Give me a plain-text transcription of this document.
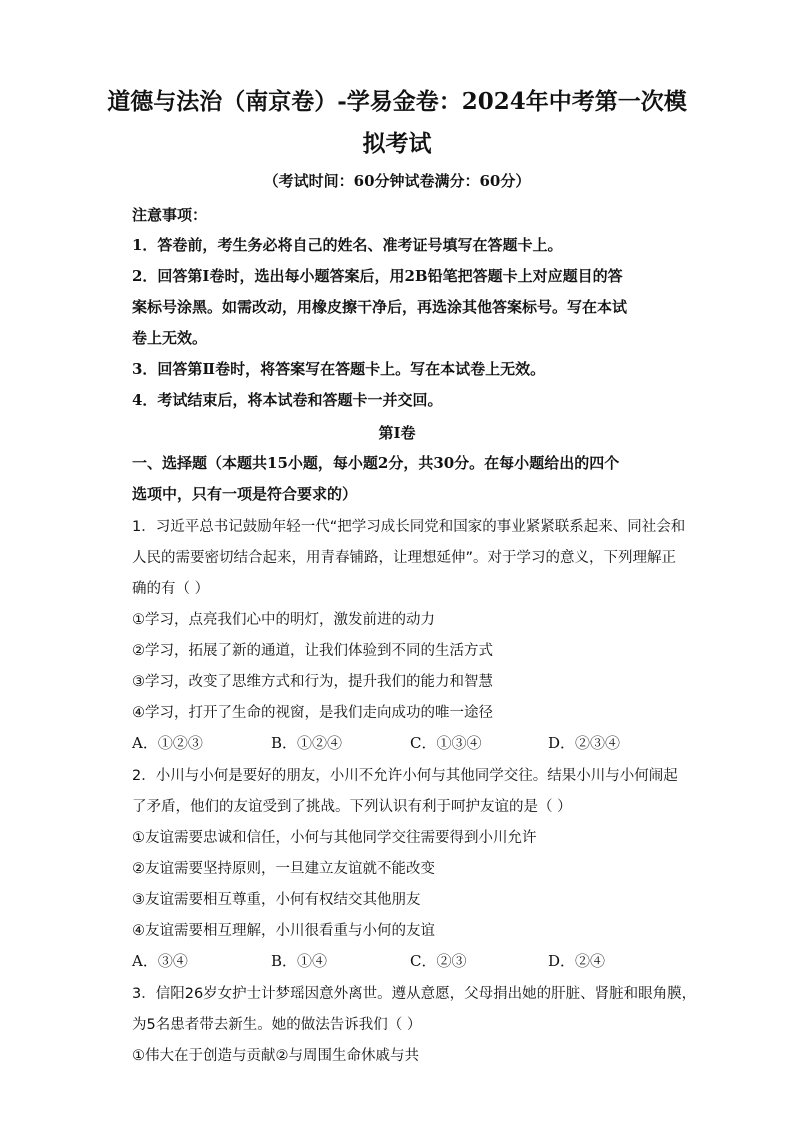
道德与法治（南京卷）-学易金卷：2024年中考第一次模
拟考试
（考试时间：60分钟试卷满分：60分）
注意事项：
1．答卷前，考生务必将自己的姓名、准考证号填写在答题卡上。
2．回答第Ⅰ卷时，选出每小题答案后，用2B铅笔把答题卡上对应题目的答
案标号涂黑。如需改动，用橡皮擦干净后，再选涂其他答案标号。写在本试
卷上无效。
3．回答第Ⅱ卷时，将答案写在答题卡上。写在本试卷上无效。
4．考试结束后，将本试卷和答题卡一并交回。
第Ⅰ卷
一、选择题（本题共15小题，每小题2分，共30分。在每小题给出的四个
选项中，只有一项是符合要求的）
1．习近平总书记鼓励年轻一代“把学习成长同党和国家的事业紧紧联系起来、同社会和
人民的需要密切结合起来，用青春铺路，让理想延伸”。对于学习的意义，下列理解正
确的有（ ）
①学习，点亮我们心中的明灯，激发前进的动力
②学习，拓展了新的通道，让我们体验到不同的生活方式
③学习，改变了思维方式和行为，提升我们的能力和智慧
④学习，打开了生命的视窗，是我们走向成功的唯一途径
A．①②③	B．①②④	C．①③④	D．②③④
2．小川与小何是要好的朋友，小川不允许小何与其他同学交往。结果小川与小何闹起
了矛盾，他们的友谊受到了挑战。下列认识有利于呵护友谊的是（ ）
①友谊需要忠诚和信任，小何与其他同学交往需要得到小川允许
②友谊需要坚持原则，一旦建立友谊就不能改变
③友谊需要相互尊重，小何有权结交其他朋友
④友谊需要相互理解，小川很看重与小何的友谊
A．③④	B．①④	C．②③	D．②④
3．信阳26岁女护士计梦瑶因意外离世。遵从意愿，父母捐出她的肝脏、肾脏和眼角膜，
为5名患者带去新生。她的做法告诉我们（ ）
①伟大在于创造与贡献②与周围生命休戚与共
